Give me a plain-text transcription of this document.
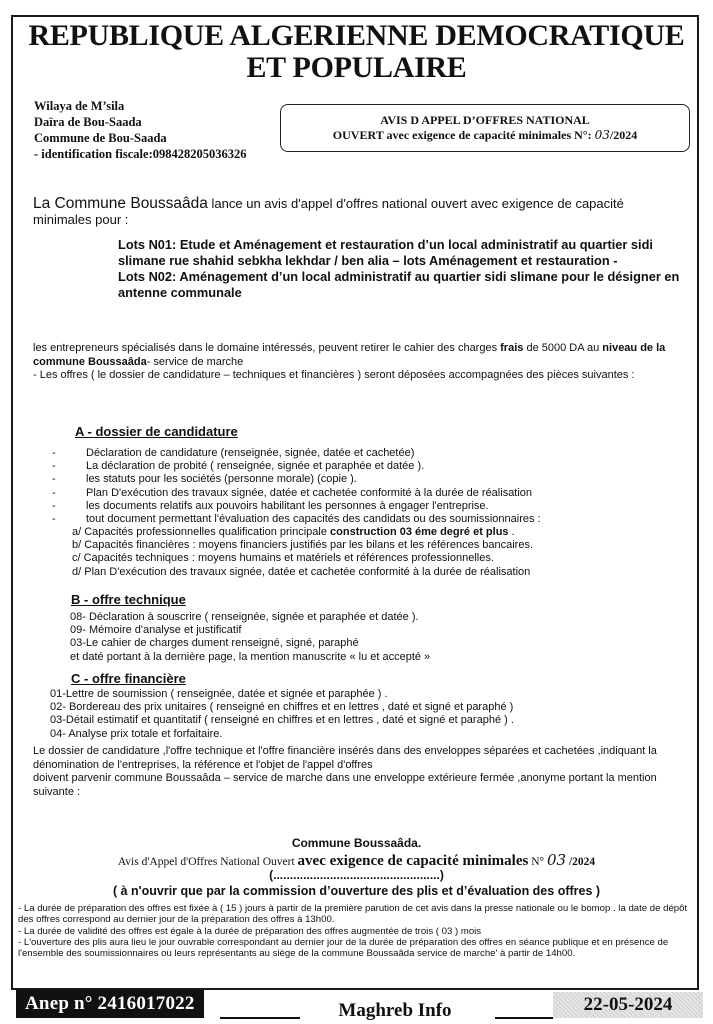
REPUBLIQUE ALGERIENNE DEMOCRATIQUE
ET POPULAIRE
Wilaya de M’sila
Daïra de Bou-Saada
Commune de Bou-Saada
- identification fiscale:098428205036326
AVIS D APPEL D’OFFRES NATIONAL
OUVERT avec exigence de capacité minimales N°: 03/2024
La Commune Boussaâda lance un avis d'appel d'offres national ouvert avec exigence de capacité minimales pour :
Lots N01: Etude et Aménagement et restauration d’un local administratif au quartier sidi slimane rue shahid sebkha lekhdar / ben alia – lots Aménagement et restauration -
Lots N02: Aménagement d’un local administratif au quartier sidi slimane pour le désigner en antenne communale
les entrepreneurs spécialisés dans le domaine intéressés, peuvent retirer le cahier des charges frais de 5000 DA au niveau de la commune Boussaâda- service de marche
- Les offres ( le dossier de candidature – techniques et financières ) seront déposées accompagnées des pièces suivantes :
A - dossier de candidature
- Déclaration de candidature (renseignée, signée, datée et cachetée)
- La déclaration de probité ( renseignée, signée et paraphée et datée ).
- les statuts pour les sociétés (personne morale) (copie ).
- Plan D'exécution des travaux signée, datée et cachetée conformité à la durée de réalisation
- les documents relatifs aux pouvoirs habilitant les personnes à engager l'entreprise.
- tout document permettant l'évaluation des capacités des candidats ou des soumissionnaires :
a/ Capacités professionnelles qualification principale construction 03 éme degré et plus .
b/ Capacités financières : moyens financiers justifiés par les bilans et les références bancaires.
c/ Capacités techniques : moyens humains et matériels et références professionnelles.
d/ Plan D'exécution des travaux signée, datée et cachetée conformité à la durée de réalisation
B - offre technique
08- Déclaration à souscrire ( renseignée, signée et paraphée et datée ).
09- Mémoire d'analyse et justificatif
03-Le cahier de charges dument renseigné, signé, paraphé
et daté portant à la dernière page, la mention manuscrite « lu et accepté »
C - offre financière
01-Lettre de soumission ( renseignée, datée et signée et paraphée ) .
02- Bordereau des prix unitaires ( renseigné en chiffres et en lettres , daté et signé et paraphé )
03-Détail estimatif et quantitatif ( renseigné en chiffres et en lettres , daté et signé et paraphé ) .
04- Analyse prix totale et forfaitaire.
Le dossier de candidature ,l'offre technique et l'offre financière insérés dans des enveloppes séparées et cachetées ,indiquant la dénomination de l'entreprises, la référence et l'objet de l'appel d'offres
doivent parvenir commune Boussaâda – service de marche dans une enveloppe extérieure fermée ,anonyme portant la mention suivante :
Commune Boussaâda.
Avis d'Appel d'Offres National Ouvert avec exigence de capacité minimales N° 03 /2024
(..................................................)
( à n'ouvrir que par la commission d’ouverture des plis et d’évaluation des offres )
- La durée de préparation des offres est fixée à ( 15 ) jours à partir de la première parution de cet avis dans la presse nationale ou le bomop . la date de dépôt des offres correspond au dernier jour de la préparation des offres à 13h00.
- La durée de validité des offres est égale à la durée de préparation des offres augmentée de trois ( 03 ) mois
- L'ouverture des plis aura lieu le jour ouvrable correspondant au dernier jour de la durée de préparation des offres en séance publique et en présence de l'ensemble des soumissionnaires ou leurs représentants au siège de la commune Boussaâda service de marche' à partir de 14h00.
Anep n° 2416017022	Maghreb Info	22-05-2024
